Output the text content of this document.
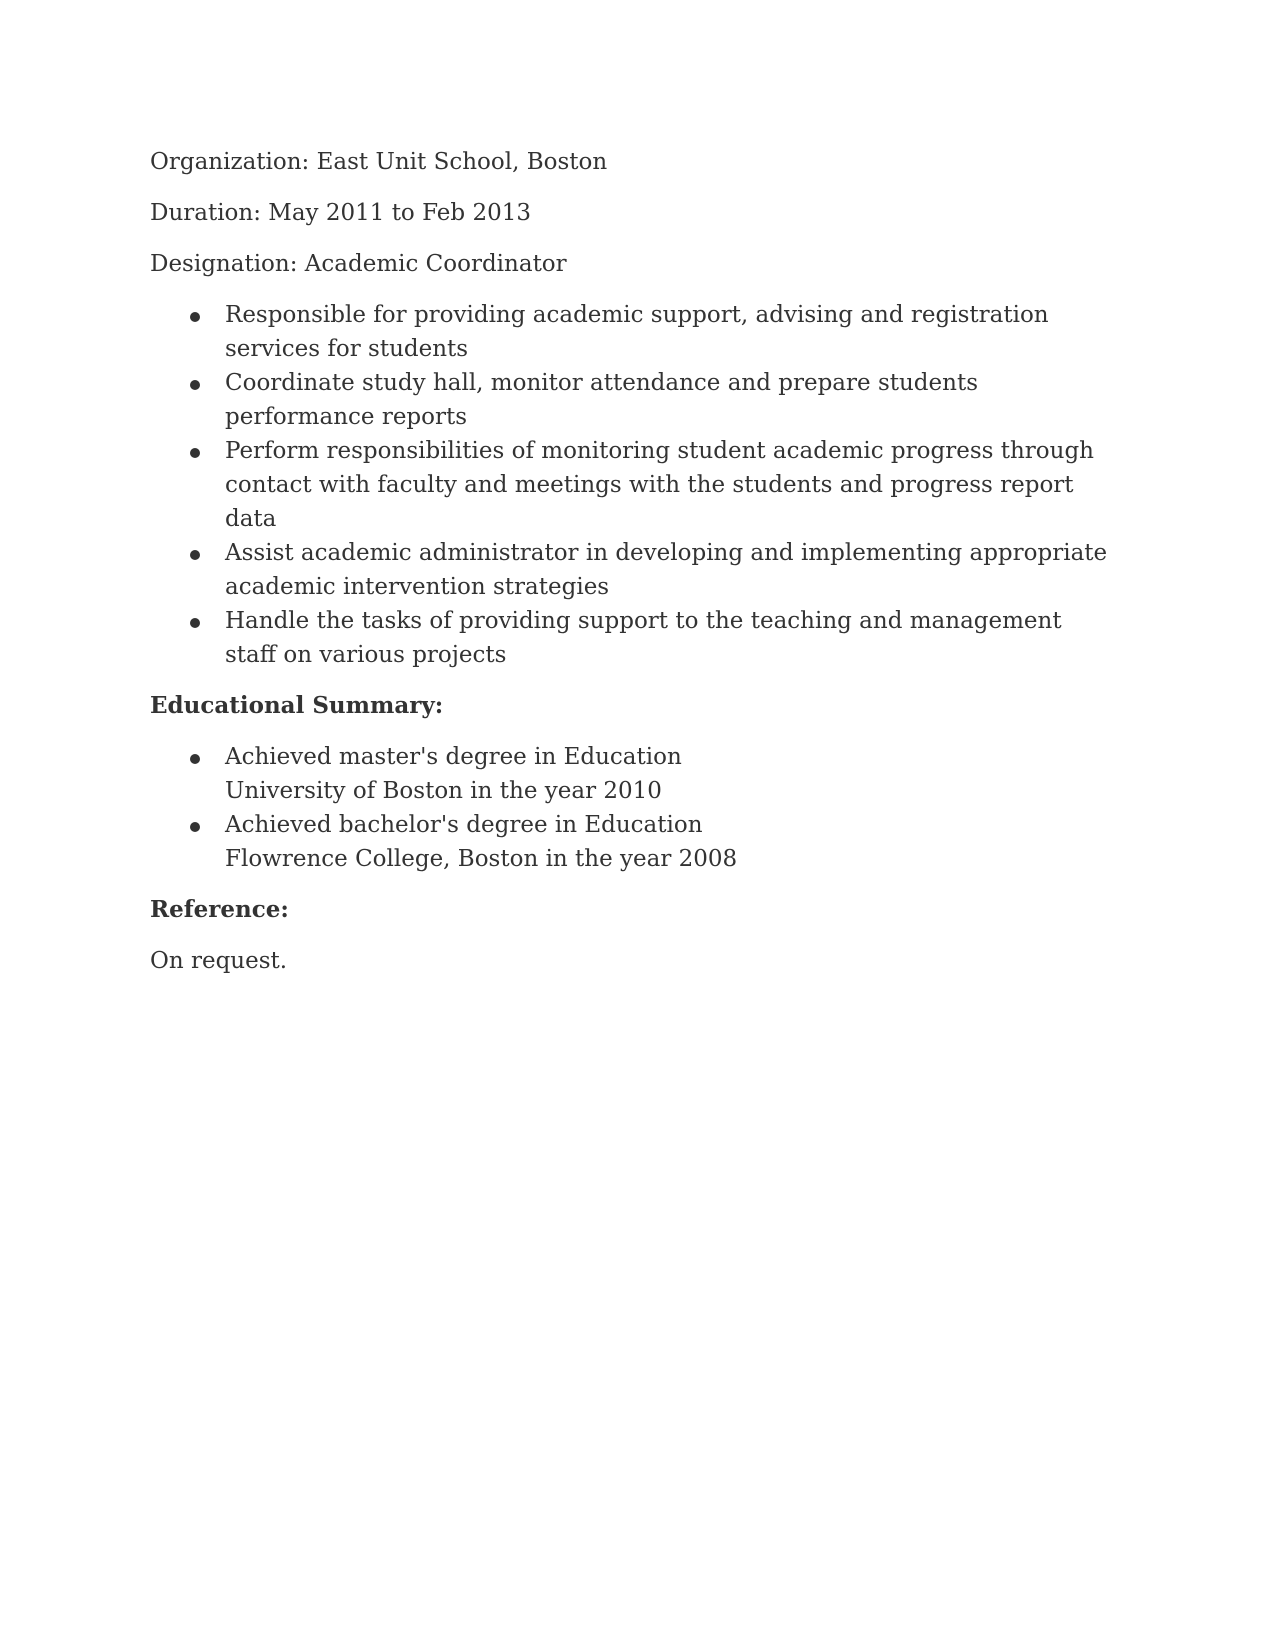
Organization: East Unit School, Boston

Duration: May 2011 to Feb 2013

Designation: Academic Coordinator

Responsible for providing academic support, advising and registration services for students
Coordinate study hall, monitor attendance and prepare students performance reports
Perform responsibilities of monitoring student academic progress through contact with faculty and meetings with the students and progress report data
Assist academic administrator in developing and implementing appropriate academic intervention strategies
Handle the tasks of providing support to the teaching and management staff on various projects

Educational Summary:

Achieved master's degree in Education
University of Boston in the year 2010
Achieved bachelor's degree in Education
Flowrence College, Boston in the year 2008

Reference:

On request.
